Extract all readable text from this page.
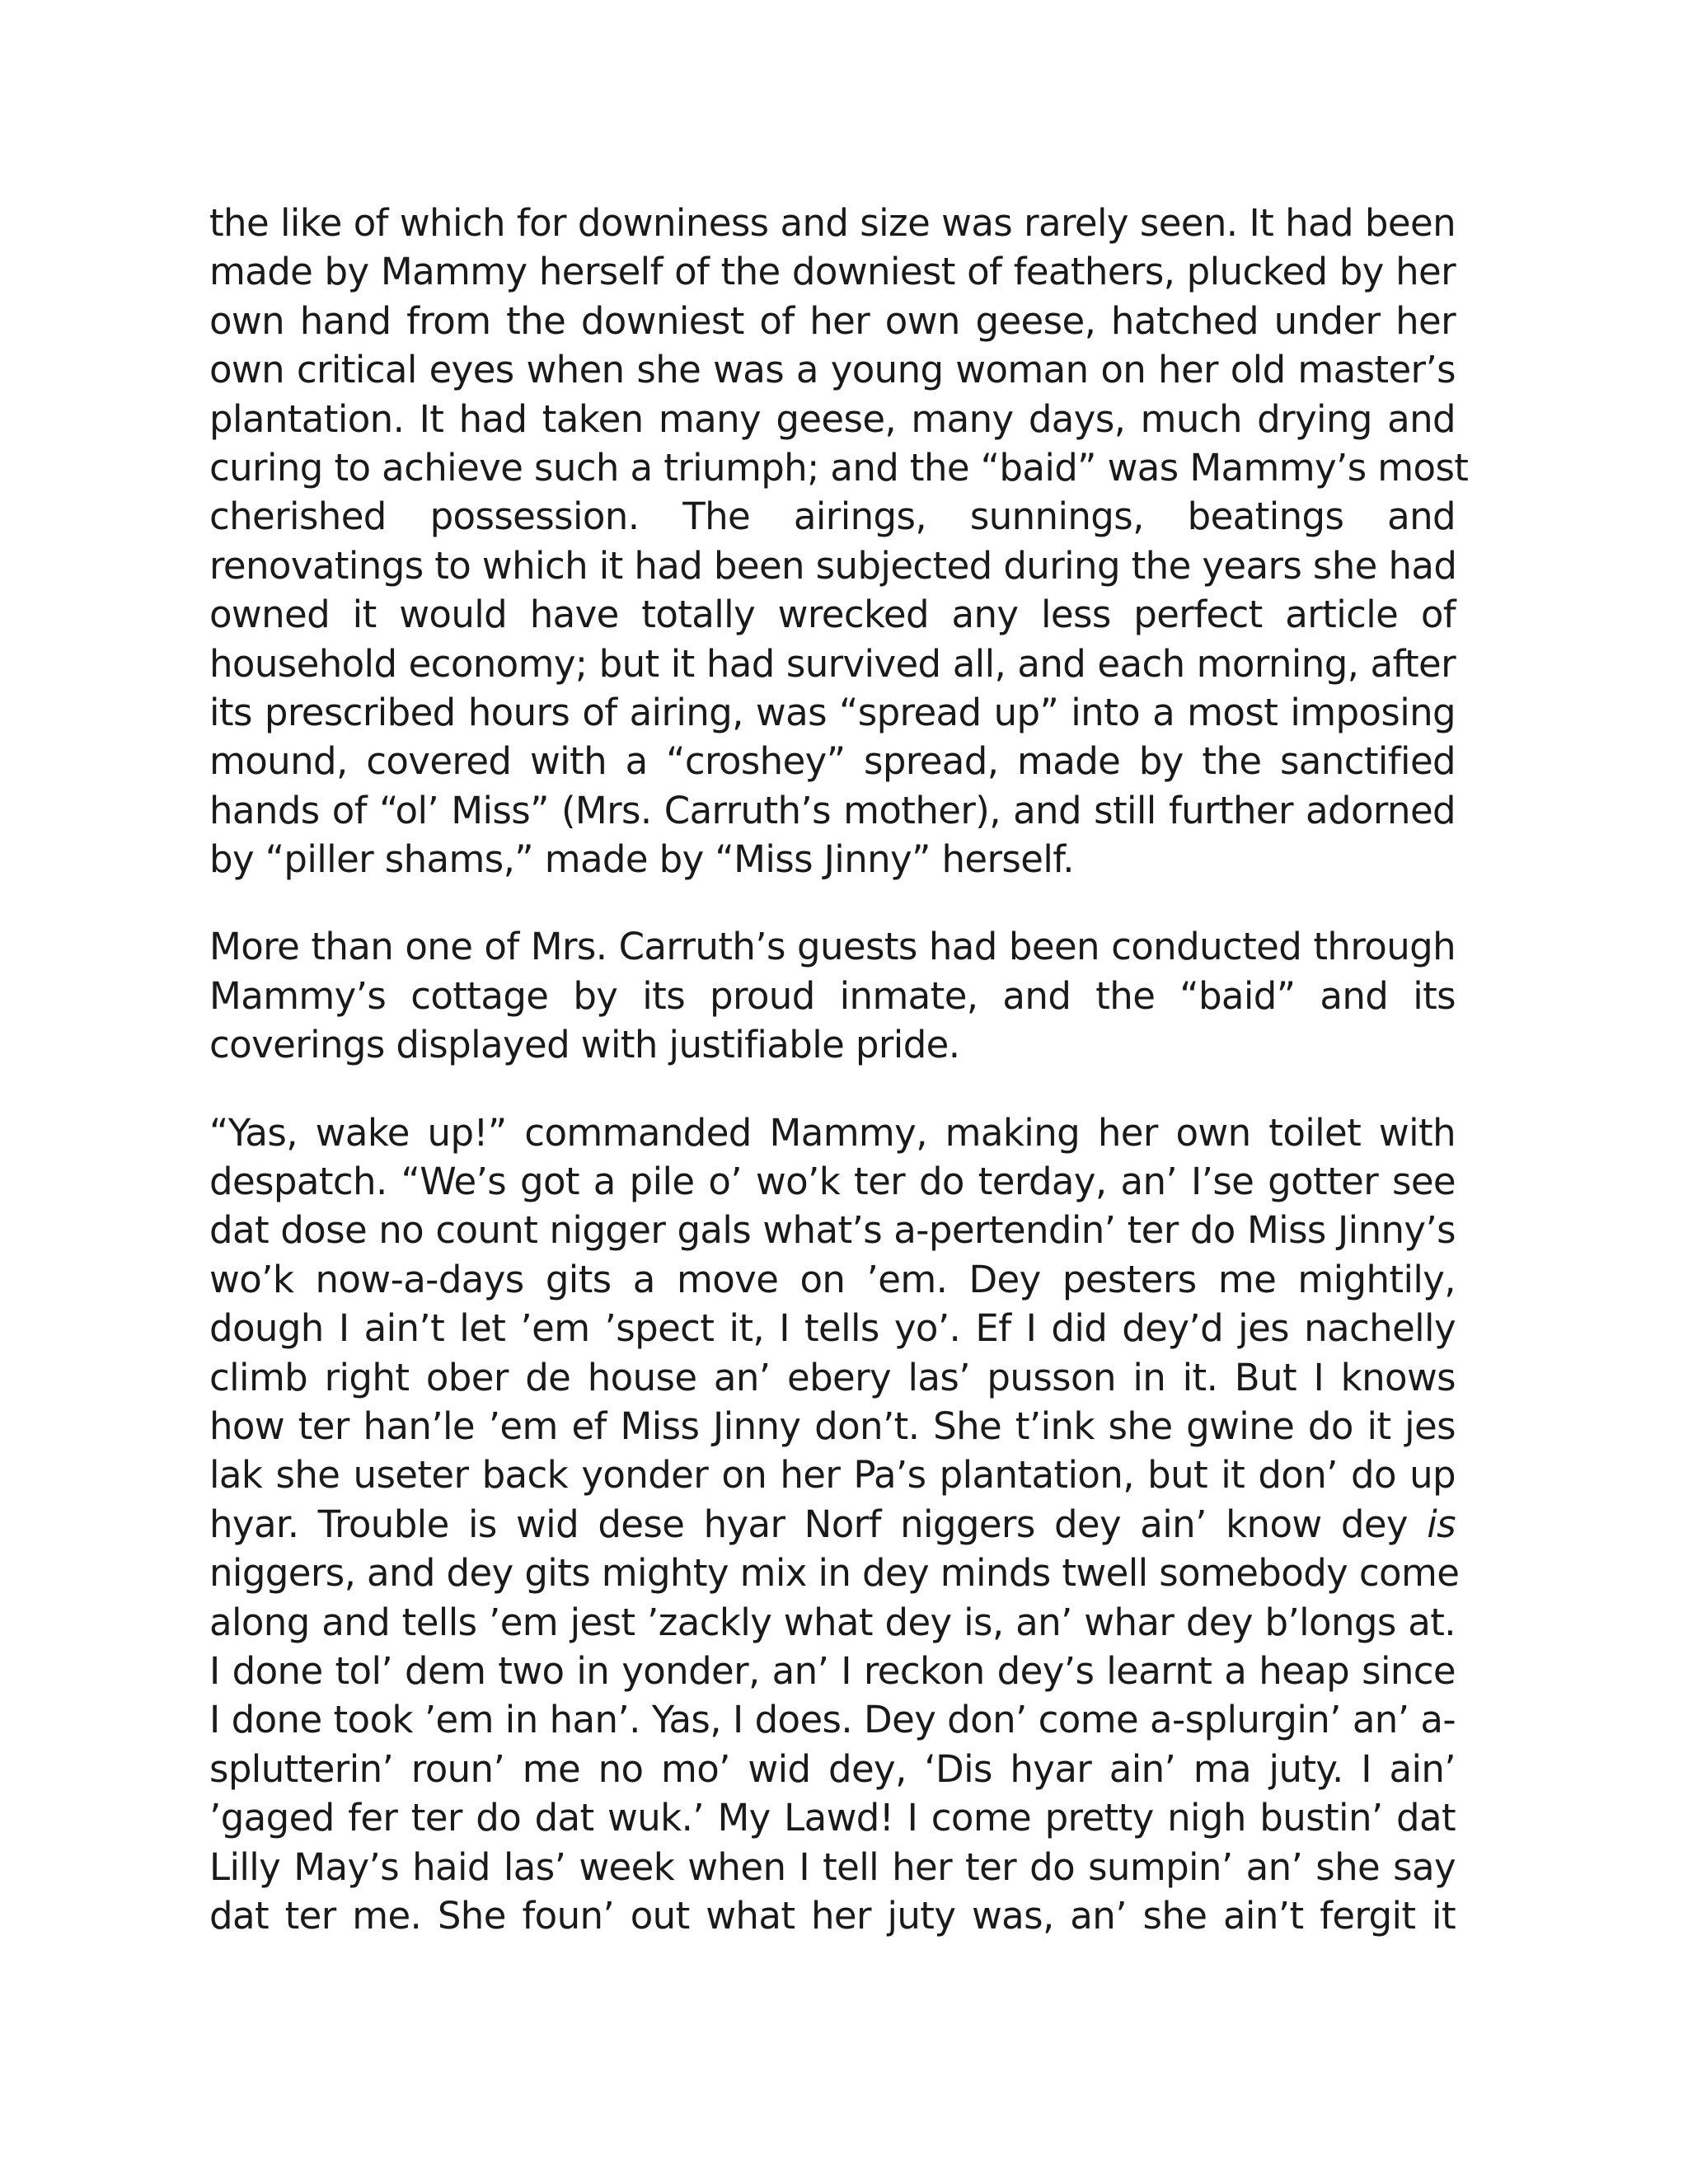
the like of which for downiness and size was rarely seen. It had been
made by Mammy herself of the downiest of feathers, plucked by her
own hand from the downiest of her own geese, hatched under her
own critical eyes when she was a young woman on her old master’s
plantation. It had taken many geese, many days, much drying and
curing to achieve such a triumph; and the “baid” was Mammy’s most
cherished possession. The airings, sunnings, beatings and
renovatings to which it had been subjected during the years she had
owned it would have totally wrecked any less perfect article of
household economy; but it had survived all, and each morning, after
its prescribed hours of airing, was “spread up” into a most imposing
mound, covered with a “croshey” spread, made by the sanctified
hands of “ol’ Miss” (Mrs. Carruth’s mother), and still further adorned
by “piller shams,” made by “Miss Jinny” herself.
More than one of Mrs. Carruth’s guests had been conducted through
Mammy’s cottage by its proud inmate, and the “baid” and its
coverings displayed with justifiable pride.
“Yas, wake up!” commanded Mammy, making her own toilet with
despatch. “We’s got a pile o’ wo’k ter do terday, an’ I’se gotter see
dat dose no count nigger gals what’s a-pertendin’ ter do Miss Jinny’s
wo’k now-a-days gits a move on ’em. Dey pesters me mightily,
dough I ain’t let ’em ’spect it, I tells yo’. Ef I did dey’d jes nachelly
climb right ober de house an’ ebery las’ pusson in it. But I knows
how ter han’le ’em ef Miss Jinny don’t. She t’ink she gwine do it jes
lak she useter back yonder on her Pa’s plantation, but it don’ do up
hyar. Trouble is wid dese hyar Norf niggers dey ain’ know dey is
niggers, and dey gits mighty mix in dey minds twell somebody come
along and tells ’em jest ’zackly what dey is, an’ whar dey b’longs at.
I done tol’ dem two in yonder, an’ I reckon dey’s learnt a heap since
I done took ’em in han’. Yas, I does. Dey don’ come a-splurgin’ an’ a-
splutterin’ roun’ me no mo’ wid dey, ‘Dis hyar ain’ ma juty. I ain’
’gaged fer ter do dat wuk.’ My Lawd! I come pretty nigh bustin’ dat
Lilly May’s haid las’ week when I tell her ter do sumpin’ an’ she say
dat ter me. She foun’ out what her juty was, an’ she ain’t fergit it
